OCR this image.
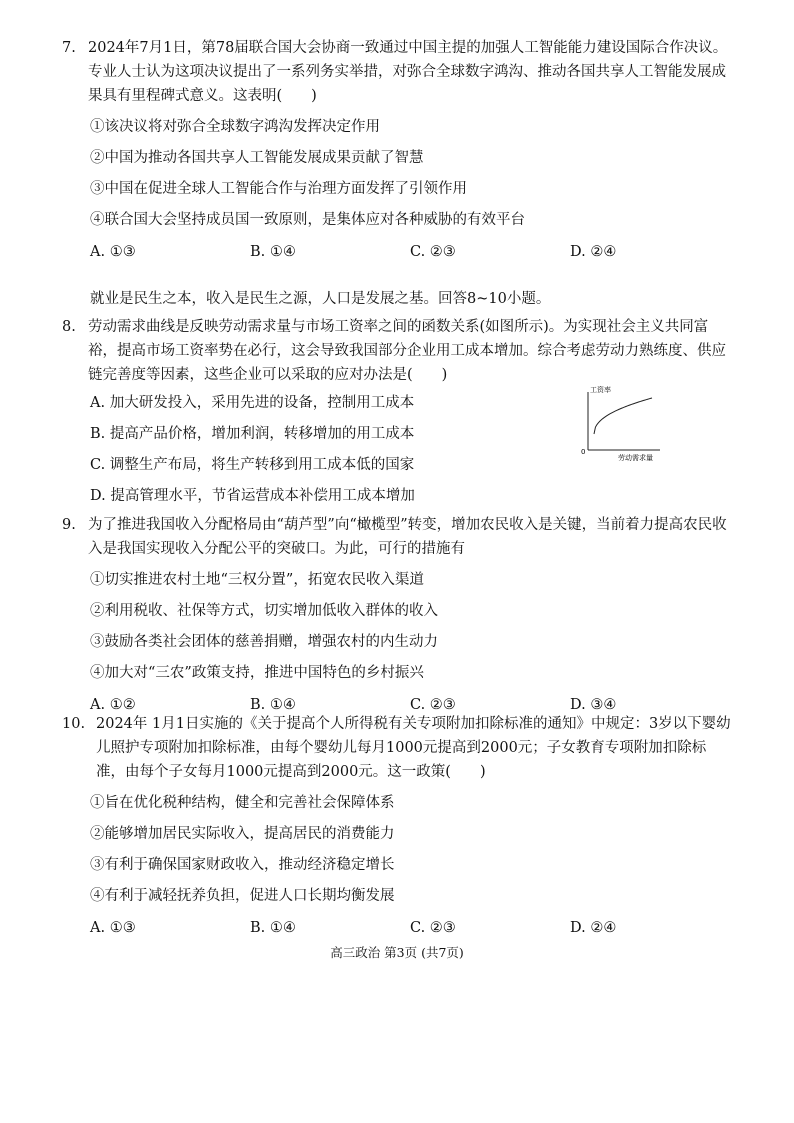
7. 2024年7月1日，第78届联合国大会协商一致通过中国主提的加强人工智能能力建设国际合作决议。专业人士认为这项决议提出了一系列务实举措，对弥合全球数字鸿沟、推动各国共享人工智能发展成果具有里程碑式意义。这表明(　　)
①该决议将对弥合全球数字鸿沟发挥决定作用
②中国为推动各国共享人工智能发展成果贡献了智慧
③中国在促进全球人工智能合作与治理方面发挥了引领作用
④联合国大会坚持成员国一致原则，是集体应对各种威胁的有效平台
A. ①③	B. ①④	C. ②③	D. ②④
就业是民生之本，收入是民生之源，人口是发展之基。回答8~10小题。
8. 劳动需求曲线是反映劳动需求量与市场工资率之间的函数关系(如图所示)。为实现社会主义共同富裕，提高市场工资率势在必行，这会导致我国部分企业用工成本增加。综合考虑劳动力熟练度、供应链完善度等因素，这些企业可以采取的应对办法是(　　)
A. 加大研发投入，采用先进的设备，控制用工成本
B. 提高产品价格，增加利润，转移增加的用工成本
C. 调整生产布局，将生产转移到用工成本低的国家
D. 提高管理水平，节省运营成本补偿用工成本增加
工资率
劳动需求量
0
9. 为了推进我国收入分配格局由“葫芦型”向“橄榄型”转变，增加农民收入是关键，当前着力提高农民收入是我国实现收入分配公平的突破口。为此，可行的措施有
①切实推进农村土地“三权分置”，拓宽农民收入渠道
②利用税收、社保等方式，切实增加低收入群体的收入
③鼓励各类社会团体的慈善捐赠，增强农村的内生动力
④加大对“三农”政策支持，推进中国特色的乡村振兴
A. ①②	B. ①④	C. ②③	D. ③④
10. 2024年 1月1日实施的《关于提高个人所得税有关专项附加扣除标准的通知》中规定：3岁以下婴幼儿照护专项附加扣除标准，由每个婴幼儿每月1000元提高到2000元；子女教育专项附加扣除标准，由每个子女每月1000元提高到2000元。这一政策(　　)
①旨在优化税种结构，健全和完善社会保障体系
②能够增加居民实际收入，提高居民的消费能力
③有利于确保国家财政收入，推动经济稳定增长
④有利于减轻抚养负担，促进人口长期均衡发展
A. ①③	B. ①④	C. ②③	D. ②④
高三政治 第3页 (共7页)
